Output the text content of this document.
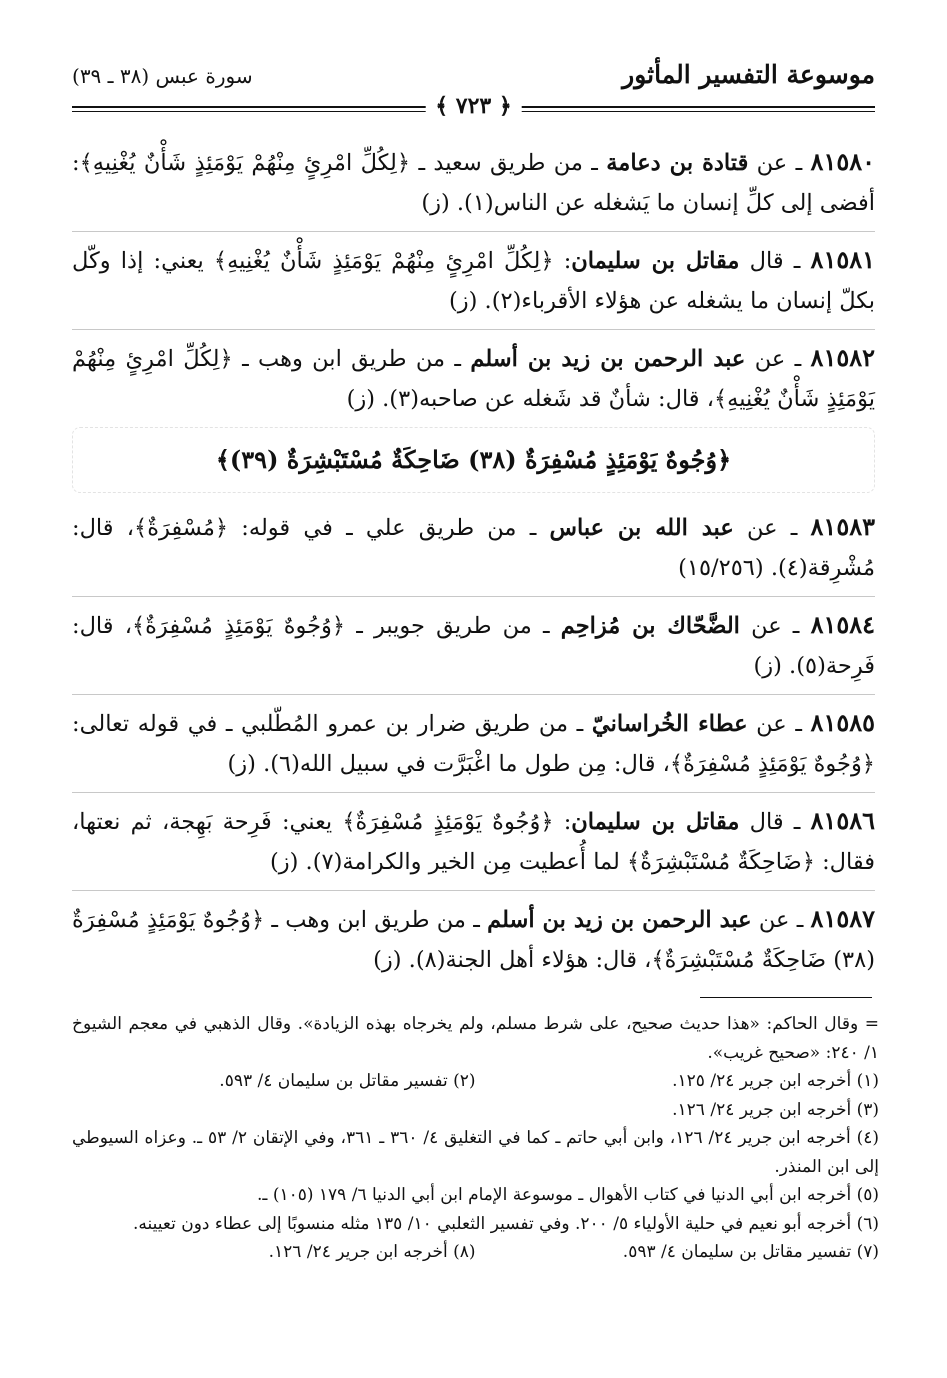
موسوعة التفسير المأثور
سورة عبس (٣٨ ـ ٣٩)
﴿ ٧٢٣ ﴾
٨١٥٨٠ ـ عن قتادة بن دعامة ـ من طريق سعيد ـ ﴿لِكُلِّ امْرِئٍ مِنْهُمْ يَوْمَئِذٍ شَأْنٌ يُغْنِيهِ﴾: أفضى إلى كلِّ إنسان ما يَشغله عن الناس(١). (ز)
٨١٥٨١ ـ قال مقاتل بن سليمان: ﴿لِكُلِّ امْرِئٍ مِنْهُمْ يَوْمَئِذٍ شَأْنٌ يُغْنِيهِ﴾ يعني: إذا وكّل بكلّ إنسان ما يشغله عن هؤلاء الأقرباء(٢). (ز)
٨١٥٨٢ ـ عن عبد الرحمن بن زيد بن أسلم ـ من طريق ابن وهب ـ ﴿لِكُلِّ امْرِئٍ مِنْهُمْ يَوْمَئِذٍ شَأْنٌ يُغْنِيهِ﴾، قال: شأنٌ قد شَغله عن صاحبه(٣). (ز)
﴿وُجُوهٌ يَوْمَئِذٍ مُسْفِرَةٌ (٣٨) ضَاحِكَةٌ مُسْتَبْشِرَةٌ (٣٩)﴾
٨١٥٨٣ ـ عن عبد الله بن عباس ـ من طريق علي ـ في قوله: ﴿مُسْفِرَةٌ﴾، قال: مُشْرِقة(٤). (١٥/٢٥٦)
٨١٥٨٤ ـ عن الضَّحّاك بن مُزاحِم ـ من طريق جويبر ـ ﴿وُجُوهٌ يَوْمَئِذٍ مُسْفِرَةٌ﴾، قال: فَرِحة(٥). (ز)
٨١٥٨٥ ـ عن عطاء الخُراسانيّ ـ من طريق ضرار بن عمرو المُطّلبي ـ في قوله تعالى: ﴿وُجُوهٌ يَوْمَئِذٍ مُسْفِرَةٌ﴾، قال: مِن طول ما اغْبَرَّت في سبيل الله(٦). (ز)
٨١٥٨٦ ـ قال مقاتل بن سليمان: ﴿وُجُوهٌ يَوْمَئِذٍ مُسْفِرَةٌ﴾ يعني: فَرِحة بَهِجة، ثم نعتها، فقال: ﴿ضَاحِكَةٌ مُسْتَبْشِرَةٌ﴾ لما أُعطيت مِن الخير والكرامة(٧). (ز)
٨١٥٨٧ ـ عن عبد الرحمن بن زيد بن أسلم ـ من طريق ابن وهب ـ ﴿وُجُوهٌ يَوْمَئِذٍ مُسْفِرَةٌ (٣٨) ضَاحِكَةٌ مُسْتَبْشِرَةٌ﴾، قال: هؤلاء أهل الجنة(٨). (ز)
= وقال الحاكم: «هذا حديث صحيح، على شرط مسلم، ولم يخرجاه بهذه الزيادة». وقال الذهبي في معجم الشيوخ ١/ ٢٤٠: «صحيح غريب».
(١) أخرجه ابن جرير ٢٤/ ١٢٥.
(٢) تفسير مقاتل بن سليمان ٤/ ٥٩٣.
(٣) أخرجه ابن جرير ٢٤/ ١٢٦.
(٤) أخرجه ابن جرير ٢٤/ ١٢٦، وابن أبي حاتم ـ كما في التغليق ٤/ ٣٦٠ ـ ٣٦١، وفي الإتقان ٢/ ٥٣ ـ. وعزاه السيوطي إلى ابن المنذر.
(٥) أخرجه ابن أبي الدنيا في كتاب الأهوال ـ موسوعة الإمام ابن أبي الدنيا ٦/ ١٧٩ (١٠٥) ـ.
(٦) أخرجه أبو نعيم في حلية الأولياء ٥/ ٢٠٠. وفي تفسير الثعلبي ١٠/ ١٣٥ مثله منسوبًا إلى عطاء دون تعيينه.
(٧) تفسير مقاتل بن سليمان ٤/ ٥٩٣.
(٨) أخرجه ابن جرير ٢٤/ ١٢٦.
